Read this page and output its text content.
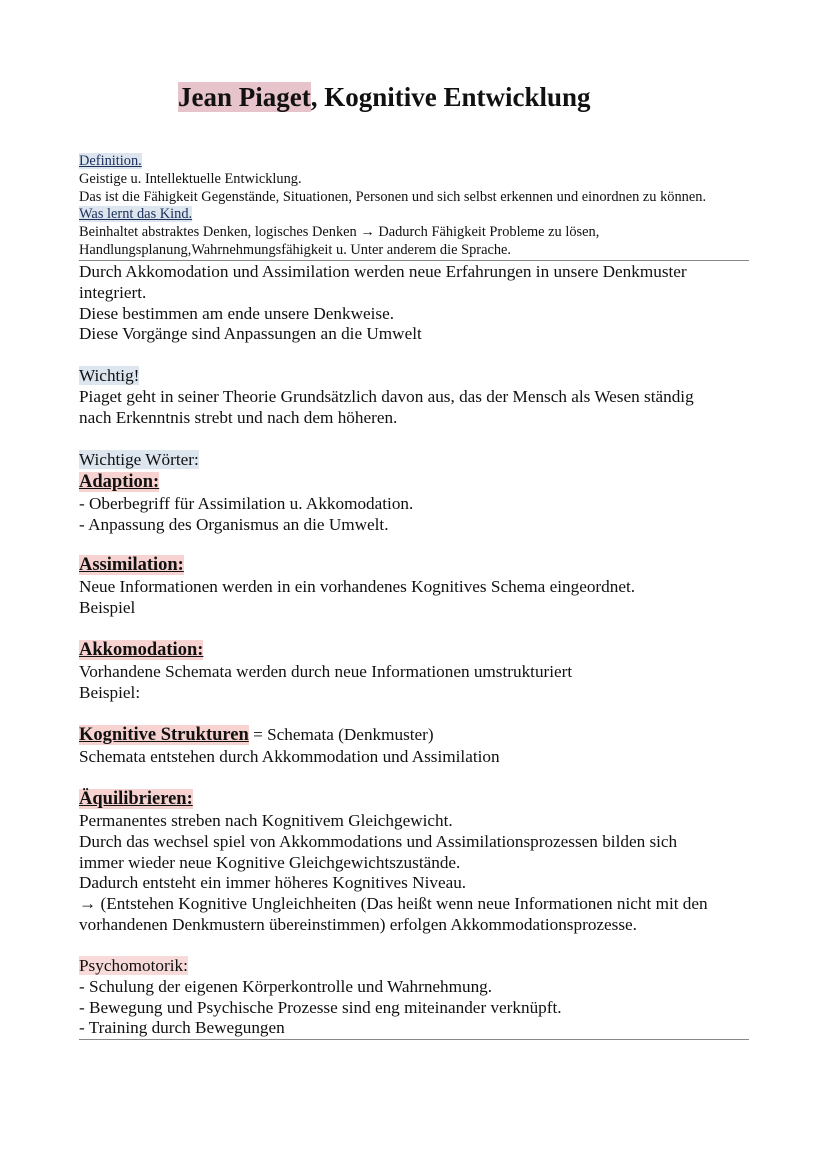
Jean Piaget, Kognitive Entwicklung
Definition.
Geistige u. Intellektuelle Entwicklung.
Das ist die Fähigkeit Gegenstände, Situationen, Personen und sich selbst erkennen und einordnen zu können.
Was lernt das Kind.
Beinhaltet abstraktes Denken, logisches Denken → Dadurch Fähigkeit Probleme zu lösen,
Handlungsplanung,Wahrnehmungsfähigkeit u. Unter anderem die Sprache.
Durch Akkomodation und Assimilation werden neue Erfahrungen in unsere Denkmuster
integriert.
Diese bestimmen am ende unsere Denkweise.
Diese Vorgänge sind Anpassungen an die Umwelt
Wichtig!
Piaget geht in seiner Theorie Grundsätzlich davon aus, das der Mensch als Wesen ständig
nach Erkenntnis strebt und nach dem höheren.
Wichtige Wörter:
Adaption:
- Oberbegriff für Assimilation u. Akkomodation.
- Anpassung des Organismus an die Umwelt.
Assimilation:
Neue Informationen werden in ein vorhandenes Kognitives Schema eingeordnet.
Beispiel
Akkomodation:
Vorhandene Schemata werden durch neue Informationen umstrukturiert
Beispiel:
Kognitive Strukturen = Schemata (Denkmuster)
Schemata entstehen durch Akkommodation und Assimilation
Äquilibrieren:
Permanentes streben nach Kognitivem Gleichgewicht.
Durch das wechsel spiel von Akkommodations und Assimilationsprozessen bilden sich
immer wieder neue Kognitive Gleichgewichtszustände.
Dadurch entsteht ein immer höheres Kognitives Niveau.
→ (Entstehen Kognitive Ungleichheiten (Das heißt wenn neue Informationen nicht mit den
vorhandenen Denkmustern übereinstimmen) erfolgen Akkommodationsprozesse.
Psychomotorik:
- Schulung der eigenen Körperkontrolle und Wahrnehmung.
- Bewegung und Psychische Prozesse sind eng miteinander verknüpft.
- Training durch Bewegungen
